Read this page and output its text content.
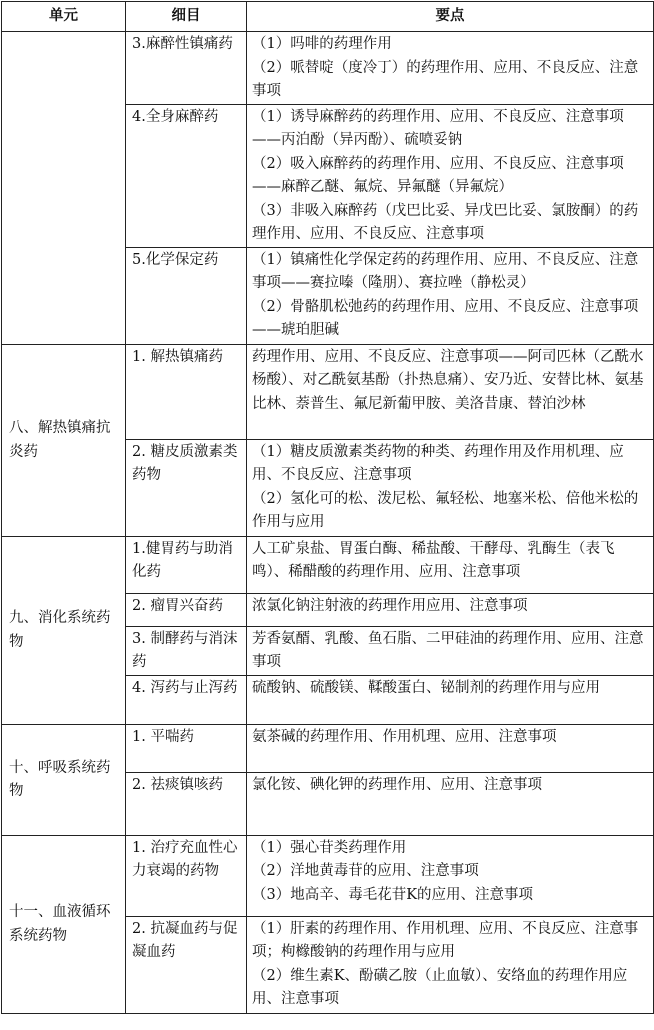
单元	细目	要点
	3.麻醉性镇痛药	（1）吗啡的药理作用
（2）哌替啶（度冷丁）的药理作用、应用、不良反应、注意事项

	4.全身麻醉药	（1）诱导麻醉药的药理作用、应用、不良反应、注意事项——丙泊酚（异丙酚）、硫喷妥钠
（2）吸入麻醉药的药理作用、应用、不良反应、注意事项——麻醉乙醚、氟烷、异氟醚（异氟烷）
（3）非吸入麻醉药（戊巴比妥、异戊巴比妥、氯胺酮）的药理作用、应用、不良反应、注意事项

	5.化学保定药	（1）镇痛性化学保定药的药理作用、应用、不良反应、注意事项——赛拉嗪（隆朋）、赛拉唑（静松灵）
（2）骨骼肌松弛药的药理作用、应用、不良反应、注意事项——琥珀胆碱

八、解热镇痛抗炎药	1. 解热镇痛药	药理作用、应用、不良反应、注意事项——阿司匹林（乙酰水杨酸）、对乙酰氨基酚（扑热息痛）、安乃近、安替比林、氨基比林、萘普生、氟尼新葡甲胺、美洛昔康、替泊沙林

	2. 糖皮质激素类药物	（1）糖皮质激素类药物的种类、药理作用及作用机理、应用、不良反应、注意事项
（2）氢化可的松、泼尼松、氟轻松、地塞米松、倍他米松的作用与应用

九、消化系统药物	1.健胃药与助消化药	人工矿泉盐、胃蛋白酶、稀盐酸、干酵母、乳酶生（表飞鸣）、稀醋酸的药理作用、应用、注意事项

	2. 瘤胃兴奋药	浓氯化钠注射液的药理作用应用、注意事项

	3. 制酵药与消沫药	芳香氨醑、乳酸、鱼石脂、二甲硅油的药理作用、应用、注意事项

	4. 泻药与止泻药	硫酸钠、硫酸镁、鞣酸蛋白、铋制剂的药理作用与应用

十、呼吸系统药物	1. 平喘药	氨茶碱的药理作用、作用机理、应用、注意事项

	2. 祛痰镇咳药	氯化铵、碘化钾的药理作用、应用、注意事项

十一、血液循环系统药物	1. 治疗充血性心力衰竭的药物	（1）强心苷类药理作用
（2）洋地黄毒苷的应用、注意事项
（3）地高辛、毒毛花苷K的应用、注意事项

	2. 抗凝血药与促凝血药	（1）肝素的药理作用、作用机理、应用、不良反应、注意事项；枸橼酸钠的药理作用与应用
（2）维生素K、酚磺乙胺（止血敏）、安络血的药理作用应用、注意事项
